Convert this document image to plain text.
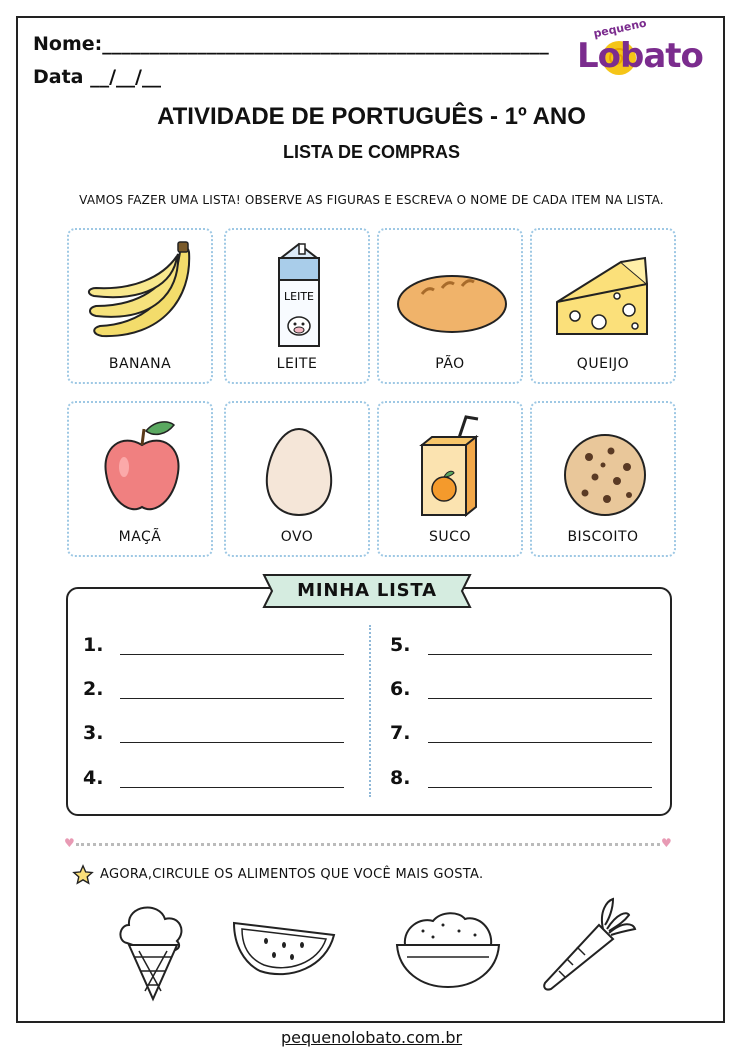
Nome:_______________________________________________
Data __/__/__
pequeno
Lobato
ATIVIDADE DE PORTUGUÊS - 1º ANO
LISTA DE COMPRAS
VAMOS FAZER UMA LISTA! OBSERVE AS FIGURAS E ESCREVA O NOME DE CADA ITEM NA LISTA.
BANANA
LEITE
LEITE	PÃO	QUEIJO
MAÇÃ	OVO	SUCO	BISCOITO
MINHA LISTA
1.
2.
3.
4.
5.
6.
7.
8.
♥	♥
AGORA,CIRCULE OS ALIMENTOS QUE VOCÊ MAIS GOSTA.
pequenolobato.com.br
